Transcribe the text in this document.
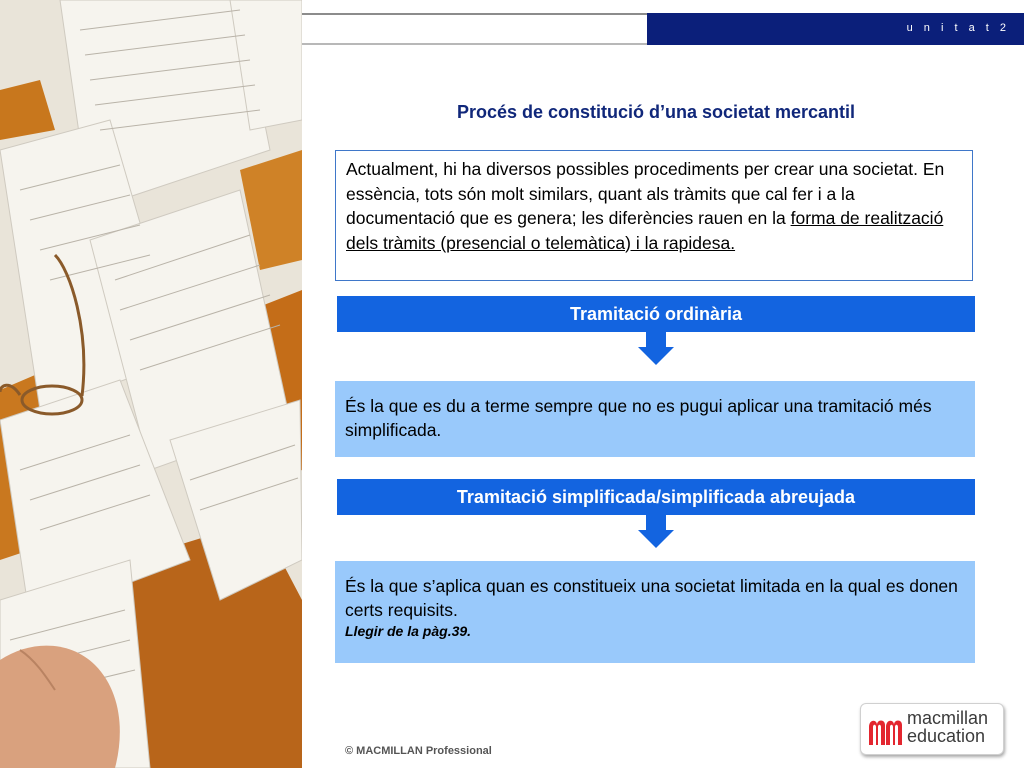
u n i t a t 2
Procés de constitució d’una societat mercantil
Actualment, hi ha diversos possibles procediments per crear una societat. En essència, tots són molt similars, quant als tràmits que cal fer i a la documentació que es genera; les diferències rauen en la forma de realització dels tràmits (presencial o telemàtica) i la rapidesa.
Tramitació ordinària
És la que es du a terme sempre que no es pugui aplicar una tramitació més simplificada.
Tramitació simplificada/simplificada abreujada
És la que s’aplica quan es constitueix una societat limitada en la qual es donen certs requisits.
Llegir de la pàg.39.
© MACMILLAN Professional
macmillan
education
